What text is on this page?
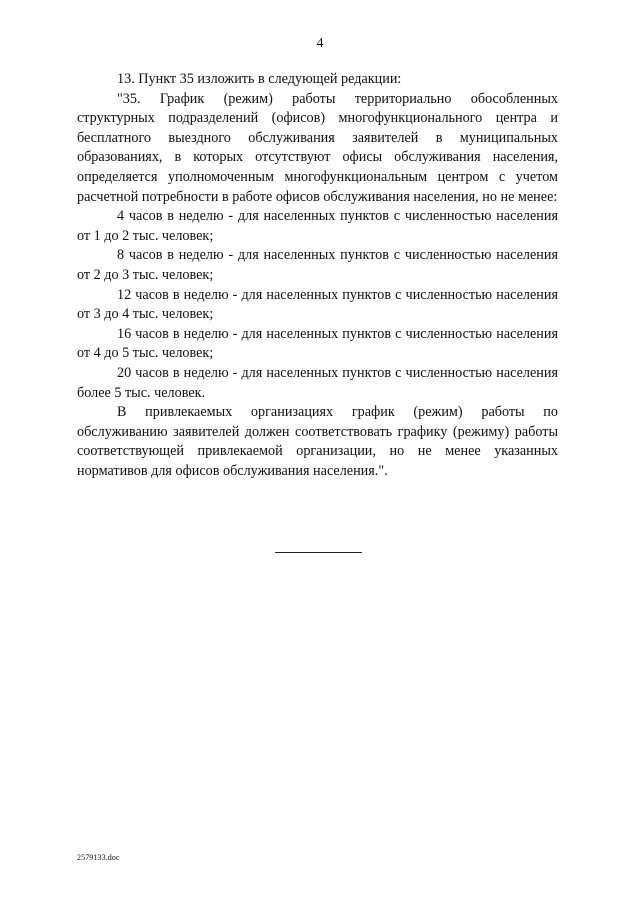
4

13. Пункт 35 изложить в следующей редакции:

"35. График (режим) работы территориально обособленных структурных подразделений (офисов) многофункционального центра и бесплатного выездного обслуживания заявителей в муниципальных образованиях, в которых отсутствуют офисы обслуживания населения, определяется уполномоченным многофункциональным центром с учетом расчетной потребности в работе офисов обслуживания населения, но не менее:

4 часов в неделю - для населенных пунктов с численностью населения от 1 до 2 тыс. человек;

8 часов в неделю - для населенных пунктов с численностью населения от 2 до 3 тыс. человек;

12 часов в неделю - для населенных пунктов с численностью населения от 3 до 4 тыс. человек;

16 часов в неделю - для населенных пунктов с численностью населения от 4 до 5 тыс. человек;

20 часов в неделю - для населенных пунктов с численностью населения более 5 тыс. человек.

В привлекаемых организациях график (режим) работы по обслуживанию заявителей должен соответствовать графику (режиму) работы соответствующей привлекаемой организации, но не менее указанных нормативов для офисов обслуживания населения.".

2579133.doc
